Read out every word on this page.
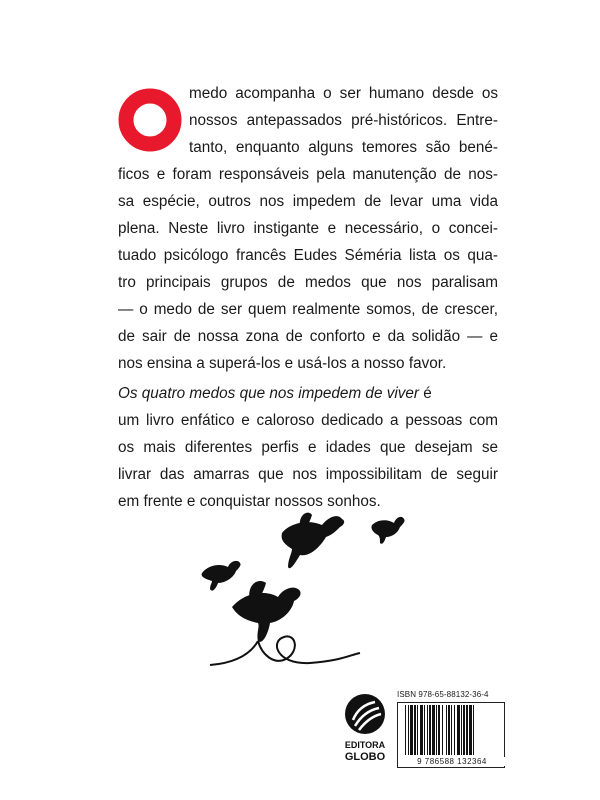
medo acompanha o ser humano desde os
nossos antepassados pré-históricos. Entre-
tanto, enquanto alguns temores são bené-
ficos e foram responsáveis pela manutenção de nos-
sa espécie, outros nos impedem de levar uma vida
plena. Neste livro instigante e necessário, o concei-
tuado psicólogo francês Eudes Séméria lista os qua-
tro principais grupos de medos que nos paralisam
— o medo de ser quem realmente somos, de crescer,
de sair de nossa zona de conforto e da solidão — e
nos ensina a superá-los e usá-los a nosso favor.

Os quatro medos que nos impedem de viver é
um livro enfático e caloroso dedicado a pessoas com
os mais diferentes perfis e idades que desejam se
livrar das amarras que nos impossibilitam de seguir
em frente e conquistar nossos sonhos.

EDITORA
GLOBO
ISBN 978-65-88132-36-4
9 786588 132364
